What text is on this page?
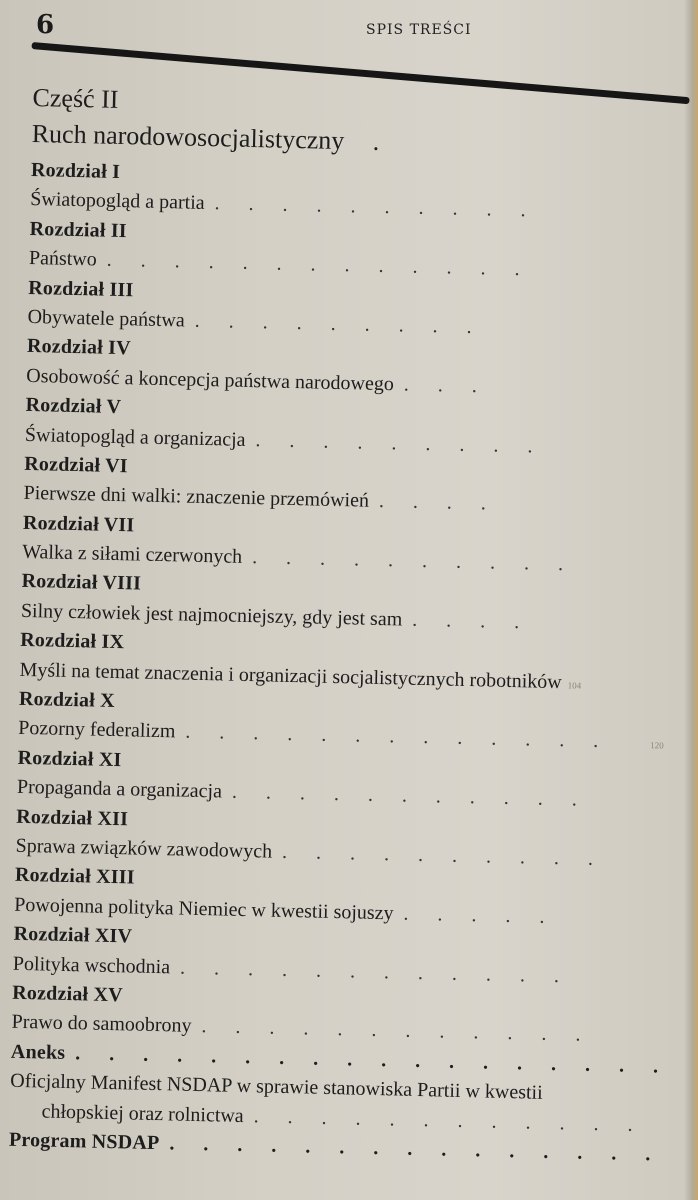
6	SPIS TREŚCI
Część II
Ruch narodowosocjalistyczny .
Rozdział I
Światopogląd a partia . . . . . . . . . .
Rozdział II
Państwo . . . . . . . . . . . . .
Rozdział III
Obywatele państwa . . . . . . . . .
Rozdział IV
Osobowość a koncepcja państwa narodowego . . .
Rozdział V
Światopogląd a organizacja . . . . . . . . .
Rozdział VI
Pierwsze dni walki: znaczenie przemówień . . . .
Rozdział VII
Walka z siłami czerwonych . . . . . . . . . .
Rozdział VIII
Silny człowiek jest najmocniejszy, gdy jest sam . . . .
Rozdział IX
Myśli na temat znaczenia i organizacji socjalistycznych robotników 104
Rozdział X
Pozorny federalizm . . . . . . . . . . . . .	120
Rozdział XI
Propaganda a organizacja . . . . . . . . . . .
Rozdział XII
Sprawa związków zawodowych . . . . . . . . . .
Rozdział XIII
Powojenna polityka Niemiec w kwestii sojuszy . . . . .
Rozdział XIV
Polityka wschodnia . . . . . . . . . . . .
Rozdział XV
Prawo do samoobrony . . . . . . . . . . . .
Aneks . . . . . . . . . . . . . . . . . .
Oficjalny Manifest NSDAP w sprawie stanowiska Partii w kwestii
chłopskiej oraz rolnictwa . . . . . . . . . . . .
Program NSDAP . . . . . . . . . . . . . . .
